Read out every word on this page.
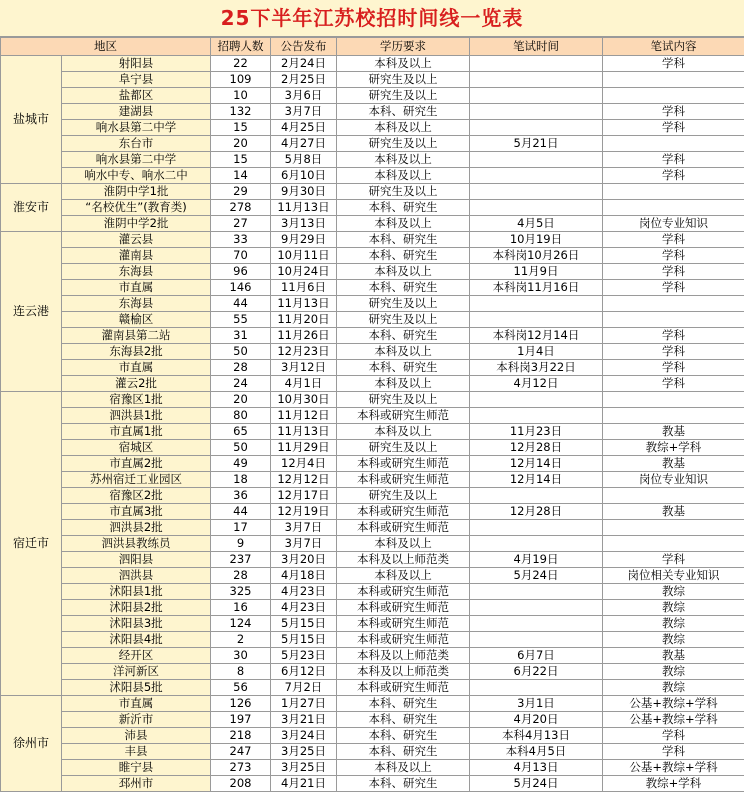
25下半年江苏校招时间线一览表
地区		招聘人数	公告发布	学历要求	笔试时间	笔试内容
盐城市	射阳县	22	2月24日	本科及以上		学科
	阜宁县	109	2月25日	研究生及以上		
	盐都区	10	3月6日	研究生及以上		
	建湖县	132	3月7日	本科、研究生		学科
	响水县第二中学	15	4月25日	本科及以上		学科
	东台市	20	4月27日	研究生及以上	5月21日	
	响水县第二中学	15	5月8日	本科及以上		学科
	响水中专、响水二中	14	6月10日	本科及以上		学科
淮安市	淮阴中学1批	29	9月30日	研究生及以上		
	“名校优生”(教育类)	278	11月13日	本科、研究生		
	淮阴中学2批	27	3月13日	本科及以上	4月5日	岗位专业知识
连云港	灌云县	33	9月29日	本科、研究生	10月19日	学科
	灌南县	70	10月11日	本科、研究生	本科岗10月26日	学科
	东海县	96	10月24日	本科及以上	11月9日	学科
	市直属	146	11月6日	本科、研究生	本科岗11月16日	学科
	东海县	44	11月13日	研究生及以上		
	赣榆区	55	11月20日	研究生及以上		
	灌南县第二站	31	11月26日	本科、研究生	本科岗12月14日	学科
	东海县2批	50	12月23日	本科及以上	1月4日	学科
	市直属	28	3月12日	本科、研究生	本科岗3月22日	学科
	灌云2批	24	4月1日	本科及以上	4月12日	学科
宿迁市	宿豫区1批	20	10月30日	研究生及以上		
	泗洪县1批	80	11月12日	本科或研究生师范		
	市直属1批	65	11月13日	本科及以上	11月23日	教基
	宿城区	50	11月29日	研究生及以上	12月28日	教综+学科
	市直属2批	49	12月4日	本科或研究生师范	12月14日	教基
	苏州宿迁工业园区	18	12月12日	本科或研究生师范	12月14日	岗位专业知识
	宿豫区2批	36	12月17日	研究生及以上		
	市直属3批	44	12月19日	本科或研究生师范	12月28日	教基
	泗洪县2批	17	3月7日	本科或研究生师范		
	泗洪县教练员	9	3月7日	本科及以上		
	泗阳县	237	3月20日	本科及以上师范类	4月19日	学科
	泗洪县	28	4月18日	本科及以上	5月24日	岗位相关专业知识
	沭阳县1批	325	4月23日	本科或研究生师范		教综
	沭阳县2批	16	4月23日	本科或研究生师范		教综
	沭阳县3批	124	5月15日	本科或研究生师范		教综
	沭阳县4批	2	5月15日	本科或研究生师范		教综
	经开区	30	5月23日	本科及以上师范类	6月7日	教基
	洋河新区	8	6月12日	本科及以上师范类	6月22日	教综
	沭阳县5批	56	7月2日	本科或研究生师范		教综
徐州市	市直属	126	1月27日	本科、研究生	3月1日	公基+教综+学科
	新沂市	197	3月21日	本科、研究生	4月20日	公基+教综+学科
	沛县	218	3月24日	本科、研究生	本科4月13日	学科
	丰县	247	3月25日	本科、研究生	本科4月5日	学科
	睢宁县	273	3月25日	本科及以上	4月13日	公基+教综+学科
	邳州市	208	4月21日	本科、研究生	5月24日	教综+学科
